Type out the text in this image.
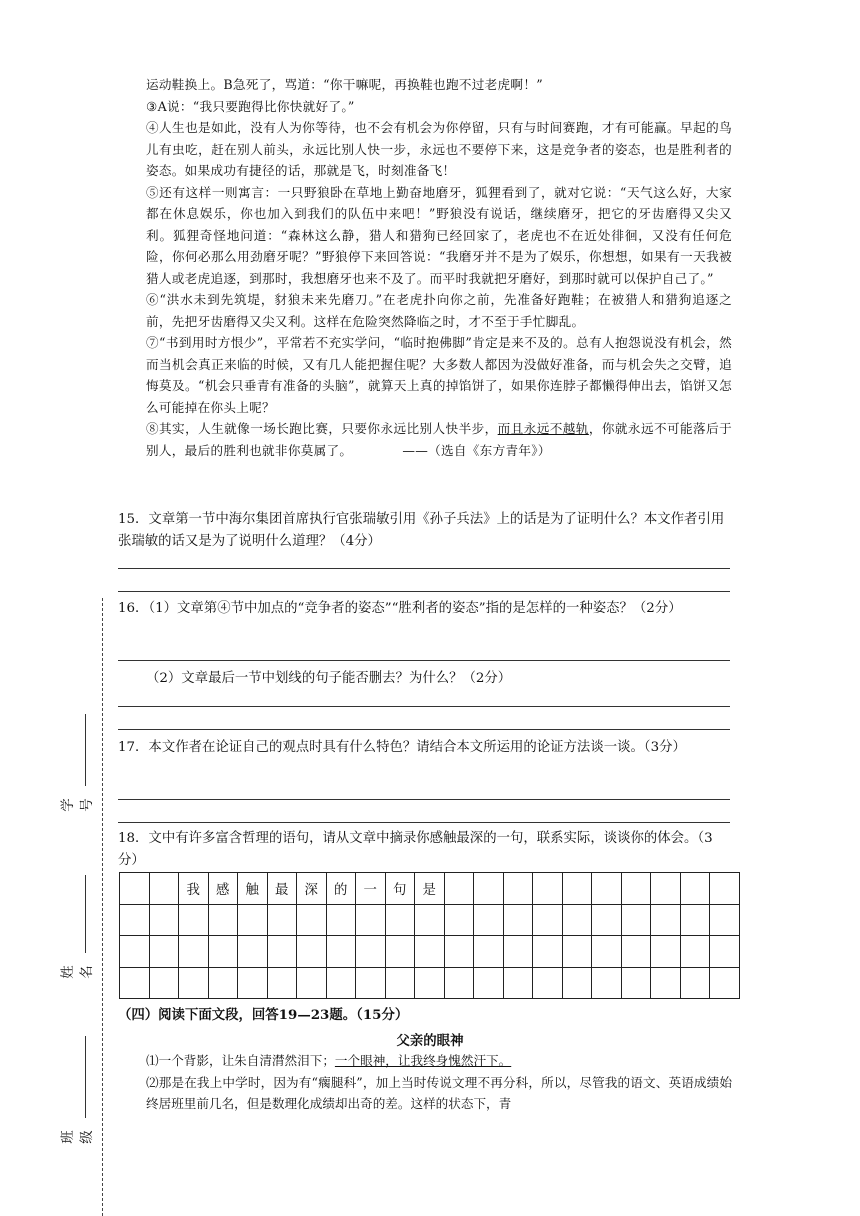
运动鞋换上。B急死了，骂道：“你干嘛呢，再换鞋也跑不过老虎啊！”

③A说：“我只要跑得比你快就好了。”

④人生也是如此，没有人为你等待，也不会有机会为你停留，只有与时间赛跑，才有可能赢。早起的鸟儿有虫吃，赶在别人前头，永远比别人快一步，永远也不要停下来，这是竞争者的姿态，也是胜利者的姿态。如果成功有捷径的话，那就是飞，时刻准备飞！

⑤还有这样一则寓言：一只野狼卧在草地上勤奋地磨牙，狐狸看到了，就对它说：“天气这么好，大家都在休息娱乐，你也加入到我们的队伍中来吧！”野狼没有说话，继续磨牙，把它的牙齿磨得又尖又利。狐狸奇怪地问道：“森林这么静，猎人和猎狗已经回家了，老虎也不在近处徘徊，又没有任何危险，你何必那么用劲磨牙呢？”野狼停下来回答说：“我磨牙并不是为了娱乐，你想想，如果有一天我被猎人或老虎追逐，到那时，我想磨牙也来不及了。而平时我就把牙磨好，到那时就可以保护自己了。”

⑥“洪水未到先筑堤，豺狼未来先磨刀。”在老虎扑向你之前，先准备好跑鞋；在被猎人和猎狗追逐之前，先把牙齿磨得又尖又利。这样在危险突然降临之时，才不至于手忙脚乱。

⑦“书到用时方恨少”，平常若不充实学问，“临时抱佛脚”肯定是来不及的。总有人抱怨说没有机会，然而当机会真正来临的时候，又有几人能把握住呢？大多数人都因为没做好准备，而与机会失之交臂，追悔莫及。“机会只垂青有准备的头脑”，就算天上真的掉馅饼了，如果你连脖子都懒得伸出去，馅饼又怎么可能掉在你头上呢？

⑧其实，人生就像一场长跑比赛，只要你永远比别人快半步，而且永远不越轨，你就永远不可能落后于别人，最后的胜利也就非你莫属了。	——（选自《东方青年》）

15．文章第一节中海尔集团首席执行官张瑞敏引用《孙子兵法》上的话是为了证明什么？本文作者引用张瑞敏的话又是为了说明什么道理？（4分）

16．（1）文章第④节中加点的“竞争者的姿态”“胜利者的姿态”指的是怎样的一种姿态？（2分）

（2）文章最后一节中划线的句子能否删去？为什么？（2分）

17．本文作者在论证自己的观点时具有什么特色？请结合本文所运用的论证方法谈一谈。（3分）

18．文中有许多富含哲理的语句，请从文章中摘录你感触最深的一句，联系实际，谈谈你的体会。（3分）

		我	感	触	最	深	的	一	句	是										

（四）阅读下面文段，回答19—23题。（15分）
父亲的眼神

⑴一个背影，让朱自清潸然泪下；一个眼神，让我终身愧然汗下。

⑵那是在我上中学时，因为有“瘸腿科”，加上当时传说文理不再分科，所以，尽管我的语文、英语成绩始终居班里前几名，但是数理化成绩却出奇的差。这样的状态下，青

学号
姓名
班级
